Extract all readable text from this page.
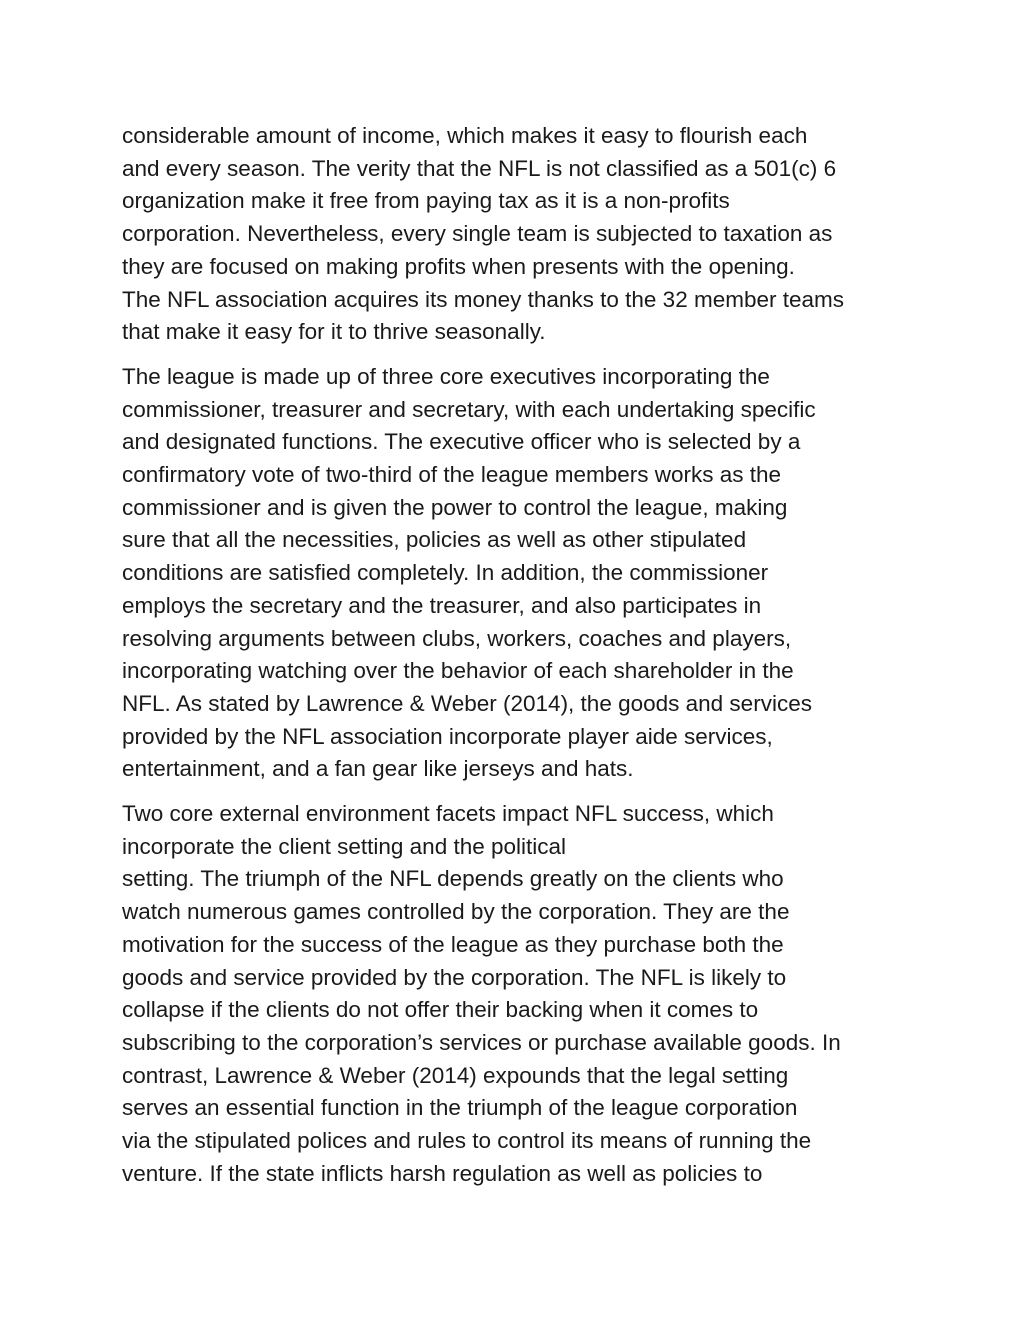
considerable amount of income, which makes it easy to flourish each
and every season. The verity that the NFL is not classified as a 501(c) 6
organization make it free from paying tax as it is a non-profits
corporation. Nevertheless, every single team is subjected to taxation as
they are focused on making profits when presents with the opening.
The NFL association acquires its money thanks to the 32 member teams
that make it easy for it to thrive seasonally.

The league is made up of three core executives incorporating the
commissioner, treasurer and secretary, with each undertaking specific
and designated functions. The executive officer who is selected by a
confirmatory vote of two-third of the league members works as the
commissioner and is given the power to control the league, making
sure that all the necessities, policies as well as other stipulated
conditions are satisfied completely. In addition, the commissioner
employs the secretary and the treasurer, and also participates in
resolving arguments between clubs, workers, coaches and players,
incorporating watching over the behavior of each shareholder in the
NFL. As stated by Lawrence & Weber (2014), the goods and services
provided by the NFL association incorporate player aide services,
entertainment, and a fan gear like jerseys and hats.

Two core external environment facets impact NFL success, which
incorporate the client setting and the political
setting. The triumph of the NFL depends greatly on the clients who
watch numerous games controlled by the corporation. They are the
motivation for the success of the league as they purchase both the
goods and service provided by the corporation. The NFL is likely to
collapse if the clients do not offer their backing when it comes to
subscribing to the corporation’s services or purchase available goods. In
contrast, Lawrence & Weber (2014) expounds that the legal setting
serves an essential function in the triumph of the league corporation
via the stipulated polices and rules to control its means of running the
venture. If the state inflicts harsh regulation as well as policies to
